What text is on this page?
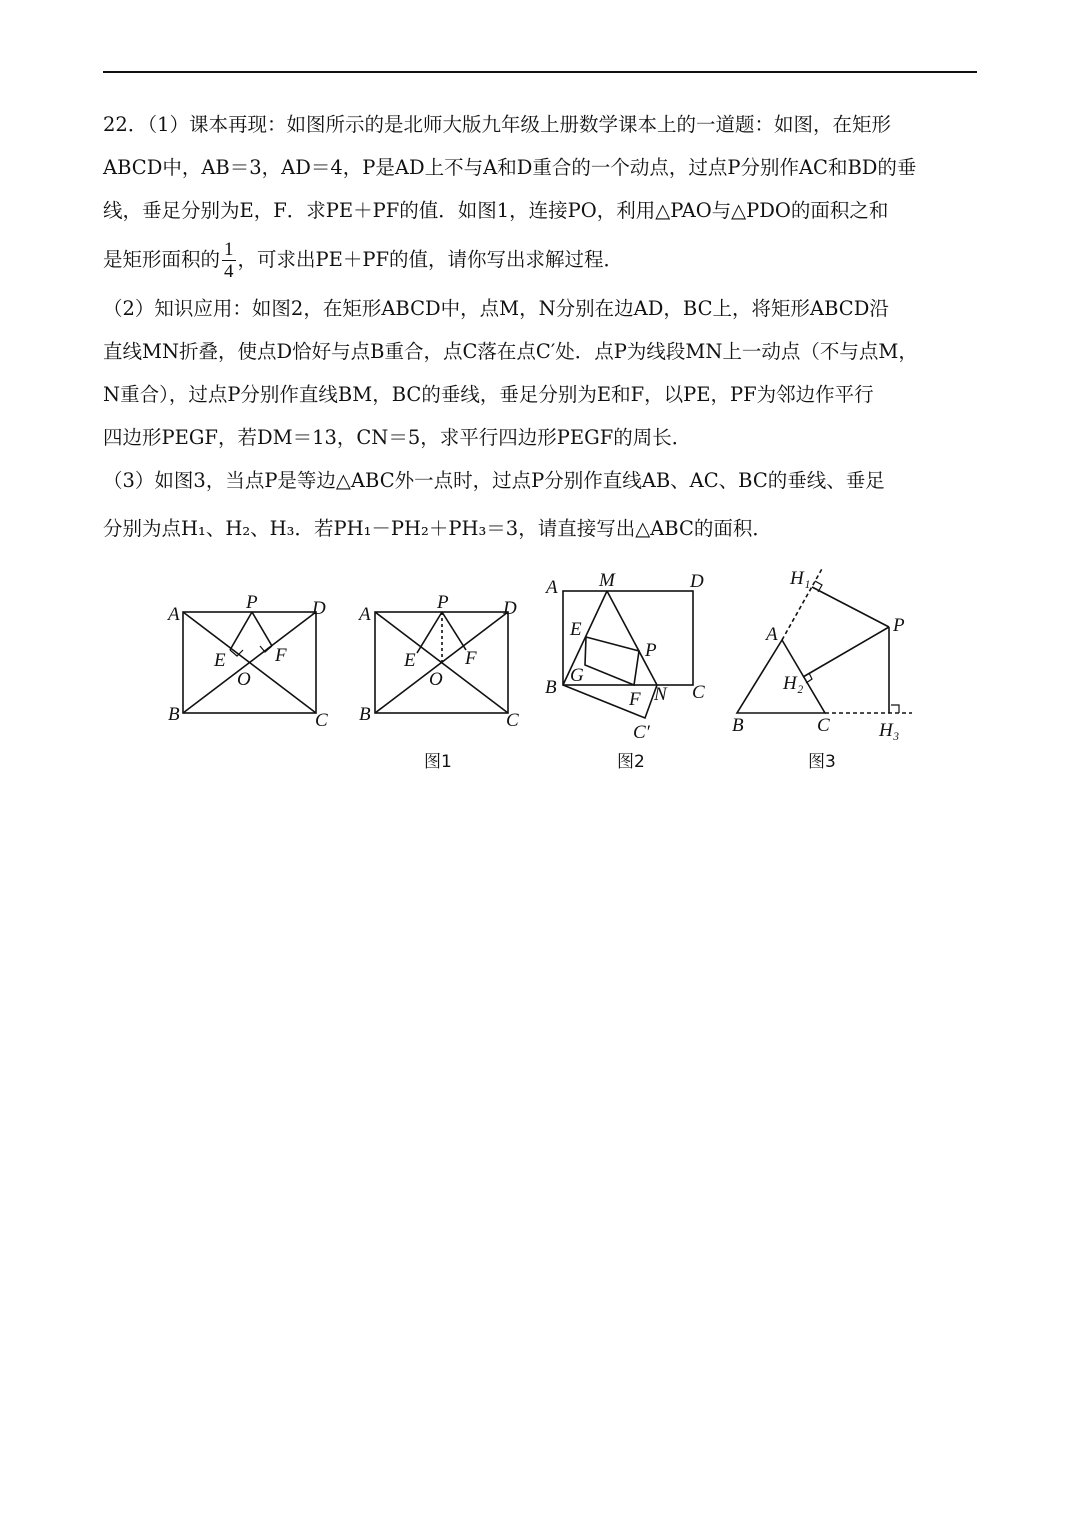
22．（1）课本再现：如图所示的是北师大版九年级上册数学课本上的一道题：如图，在矩形
ABCD中，AB＝3，AD＝4，P是AD上不与A和D重合的一个动点，过点P分别作AC和BD的垂
线，垂足分别为E，F．求PE＋PF的值．如图1，连接PO，利用△PAO与△PDO的面积之和
是矩形面积的 $\frac{1}{4}$ ，可求出PE＋PF的值，请你写出求解过程．
（2）知识应用：如图2，在矩形ABCD中，点M，N分别在边AD，BC上，将矩形ABCD沿
直线MN折叠，使点D恰好与点B重合，点C落在点C′处．点P为线段MN上一动点（不与点M，
N重合），过点P分别作直线BM，BC的垂线，垂足分别为E和F，以PE，PF为邻边作平行
四边形PEGF，若DM＝13，CN＝5，求平行四边形PEGF的周长．
（3）如图3，当点P是等边△ABC外一点时，过点P分别作直线AB、AC、BC的垂线、垂足
分别为点H₁、H₂、H₃．若PH₁－PH₂＋PH₃＝3，请直接写出△ABC的面积．
A
P	D
E	F
O
B	C
A
P	D
E	F
O
B	C
A M	D
E
P
B
G
F N C
C′
H₁
A	P
H₂
B	C	H₃
图1	图2	图3
